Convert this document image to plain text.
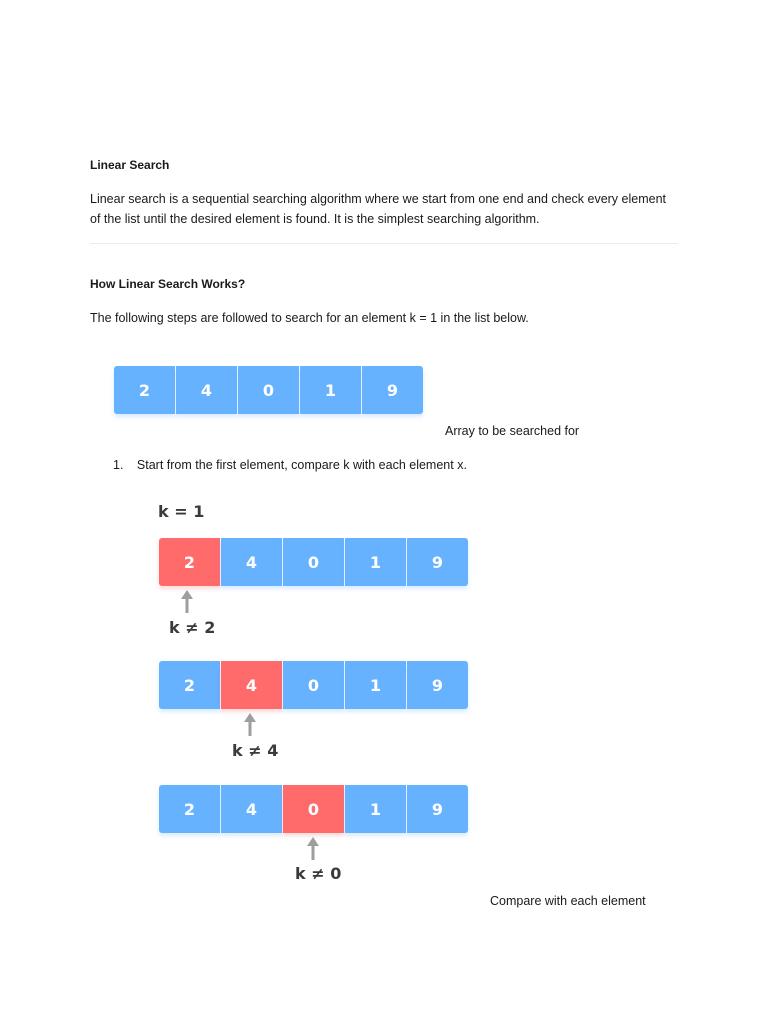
Linear Search
Linear search is a sequential searching algorithm where we start from one end and check every element
of the list until the desired element is found. It is the simplest searching algorithm.
How Linear Search Works?
The following steps are followed to search for an element k = 1 in the list below.
2	4	0	1	9
Array to be searched for
1. Start from the first element, compare k with each element x.
k = 1
2	4	0	1	9
k ≠ 2
2	4	0	1	9
k ≠ 4
2	4	0	1	9
k ≠ 0
Compare with each element
